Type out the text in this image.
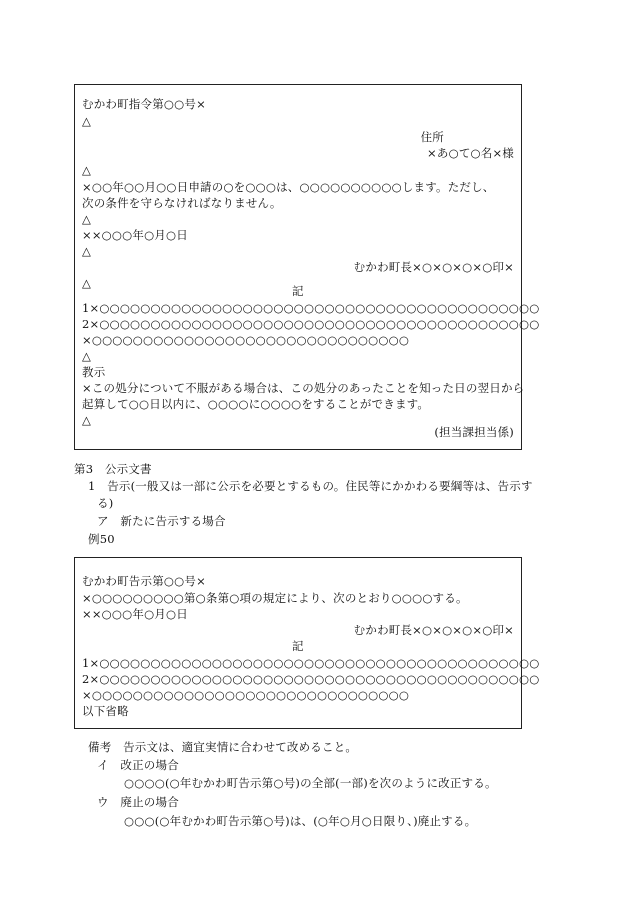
むかわ町指令第○○号×
△
住所
×あ○て○名×様
△
×○○年○○月○○日申請の○を○○○は、○○○○○○○○○○します。ただし、
次の条件を守らなければなりません。
△
××○○○年○月○日
△
むかわ町長×○×○×○×○印×
△
記
1×○○○○○○○○○○○○○○○○○○○○○○○○○○○○○○○○○○○○○○○○○○○
2×○○○○○○○○○○○○○○○○○○○○○○○○○○○○○○○○○○○○○○○○○○○
×○○○○○○○○○○○○○○○○○○○○○○○○○○○○○○○
△
教示
×この処分について不服がある場合は、この処分のあったことを知った日の翌日から
起算して○○日以内に、○○○○に○○○○をすることができます。
△
(担当課担当係)
第3　公示文書
1　告示(一般又は一部に公示を必要とするもの。住民等にかかわる要綱等は、告示す
る)
ア　新たに告示する場合
例50
むかわ町告示第○○号×
×○○○○○○○○○第○条第○項の規定により、次のとおり○○○○する。
××○○○年○月○日
むかわ町長×○×○×○×○印×
記
1×○○○○○○○○○○○○○○○○○○○○○○○○○○○○○○○○○○○○○○○○○○○
2×○○○○○○○○○○○○○○○○○○○○○○○○○○○○○○○○○○○○○○○○○○○
×○○○○○○○○○○○○○○○○○○○○○○○○○○○○○○○
以下省略
備考　告示文は、適宜実情に合わせて改めること。
イ　改正の場合
○○○○(○年むかわ町告示第○号)の全部(一部)を次のように改正する。
ウ　廃止の場合
○○○(○年むかわ町告示第○号)は、(○年○月○日限り、)廃止する。
